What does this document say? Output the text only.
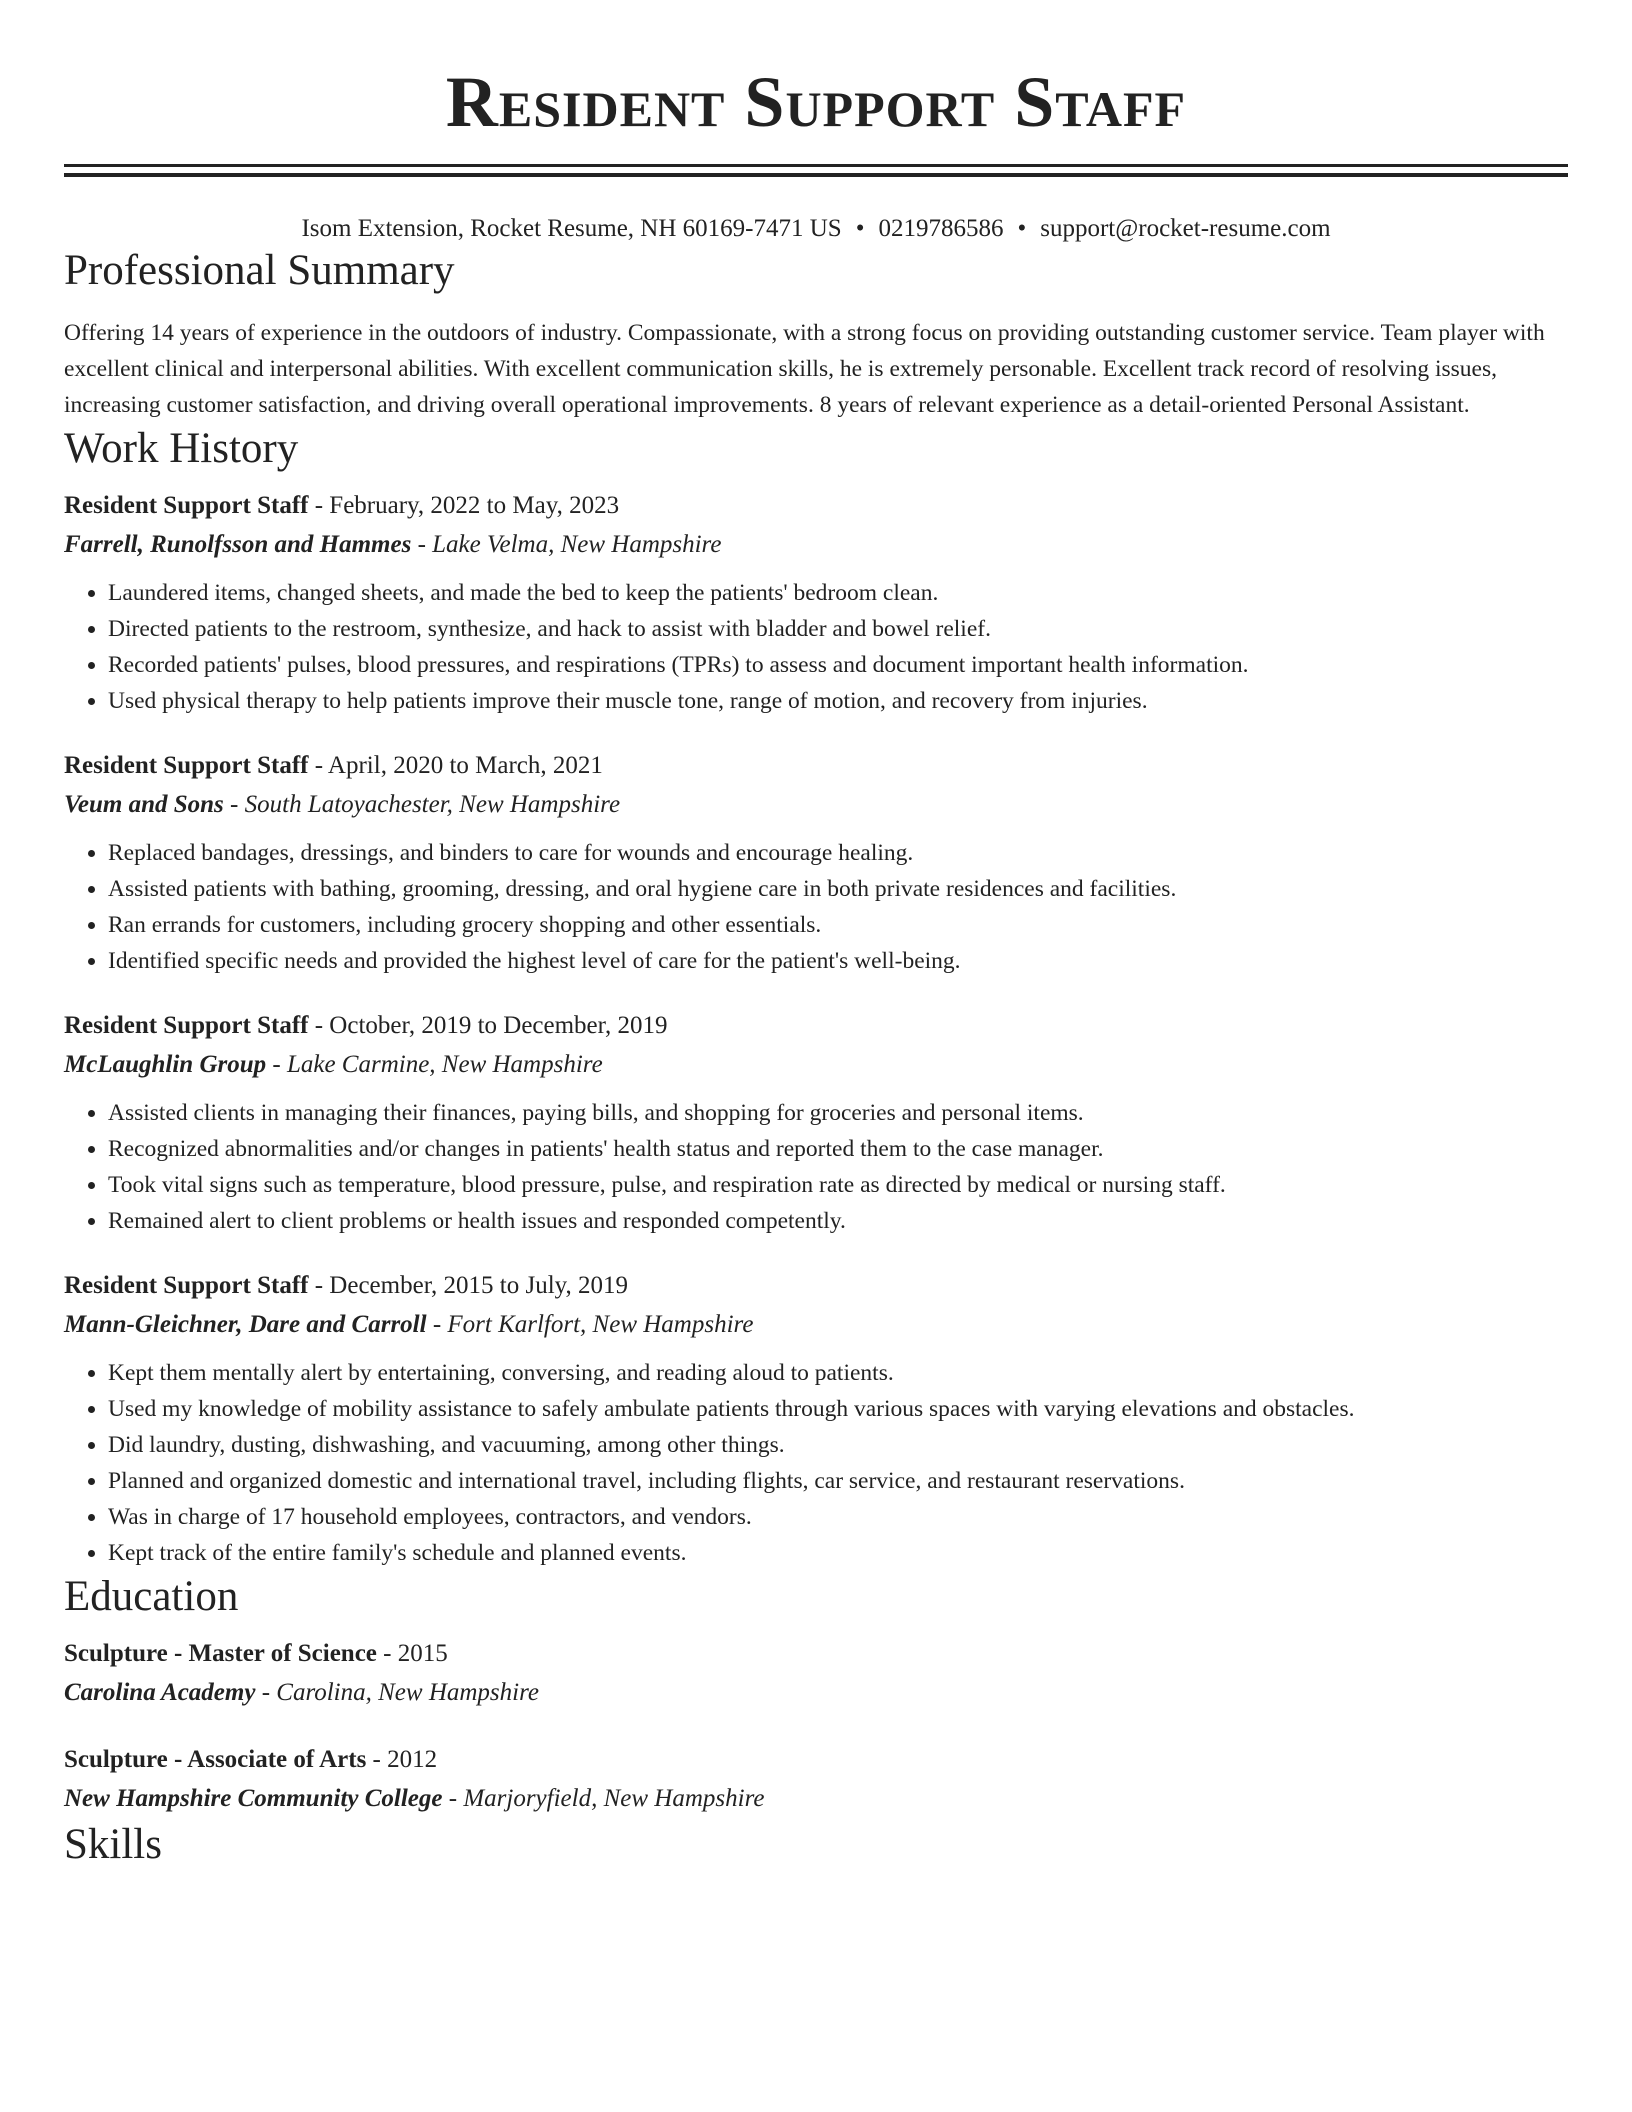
Resident Support Staff
Isom Extension, Rocket Resume, NH 60169-7471 US • 0219786586 • support@rocket-resume.com
Professional Summary

Offering 14 years of experience in the outdoors of industry. Compassionate, with a strong focus on providing outstanding customer service. Team player with excellent clinical and interpersonal abilities. With excellent communication skills, he is extremely personable. Excellent track record of resolving issues, increasing customer satisfaction, and driving overall operational improvements. 8 years of relevant experience as a detail-oriented Personal Assistant.

Work History
Resident Support Staff - February, 2022 to May, 2023
Farrell, Runolfsson and Hammes - Lake Velma, New Hampshire
• Laundered items, changed sheets, and made the bed to keep the patients' bedroom clean.
• Directed patients to the restroom, synthesize, and hack to assist with bladder and bowel relief.
• Recorded patients' pulses, blood pressures, and respirations (TPRs) to assess and document important health information.
• Used physical therapy to help patients improve their muscle tone, range of motion, and recovery from injuries.
Resident Support Staff - April, 2020 to March, 2021
Veum and Sons - South Latoyachester, New Hampshire
• Replaced bandages, dressings, and binders to care for wounds and encourage healing.
• Assisted patients with bathing, grooming, dressing, and oral hygiene care in both private residences and facilities.
• Ran errands for customers, including grocery shopping and other essentials.
• Identified specific needs and provided the highest level of care for the patient's well-being.
Resident Support Staff - October, 2019 to December, 2019
McLaughlin Group - Lake Carmine, New Hampshire
• Assisted clients in managing their finances, paying bills, and shopping for groceries and personal items.
• Recognized abnormalities and/or changes in patients' health status and reported them to the case manager.
• Took vital signs such as temperature, blood pressure, pulse, and respiration rate as directed by medical or nursing staff.
• Remained alert to client problems or health issues and responded competently.
Resident Support Staff - December, 2015 to July, 2019
Mann-Gleichner, Dare and Carroll - Fort Karlfort, New Hampshire
• Kept them mentally alert by entertaining, conversing, and reading aloud to patients.
• Used my knowledge of mobility assistance to safely ambulate patients through various spaces with varying elevations and obstacles.
• Did laundry, dusting, dishwashing, and vacuuming, among other things.
• Planned and organized domestic and international travel, including flights, car service, and restaurant reservations.
• Was in charge of 17 household employees, contractors, and vendors.
• Kept track of the entire family's schedule and planned events.
Education
Sculpture - Master of Science - 2015
Carolina Academy - Carolina, New Hampshire
Sculpture - Associate of Arts - 2012
New Hampshire Community College - Marjoryfield, New Hampshire
Skills
